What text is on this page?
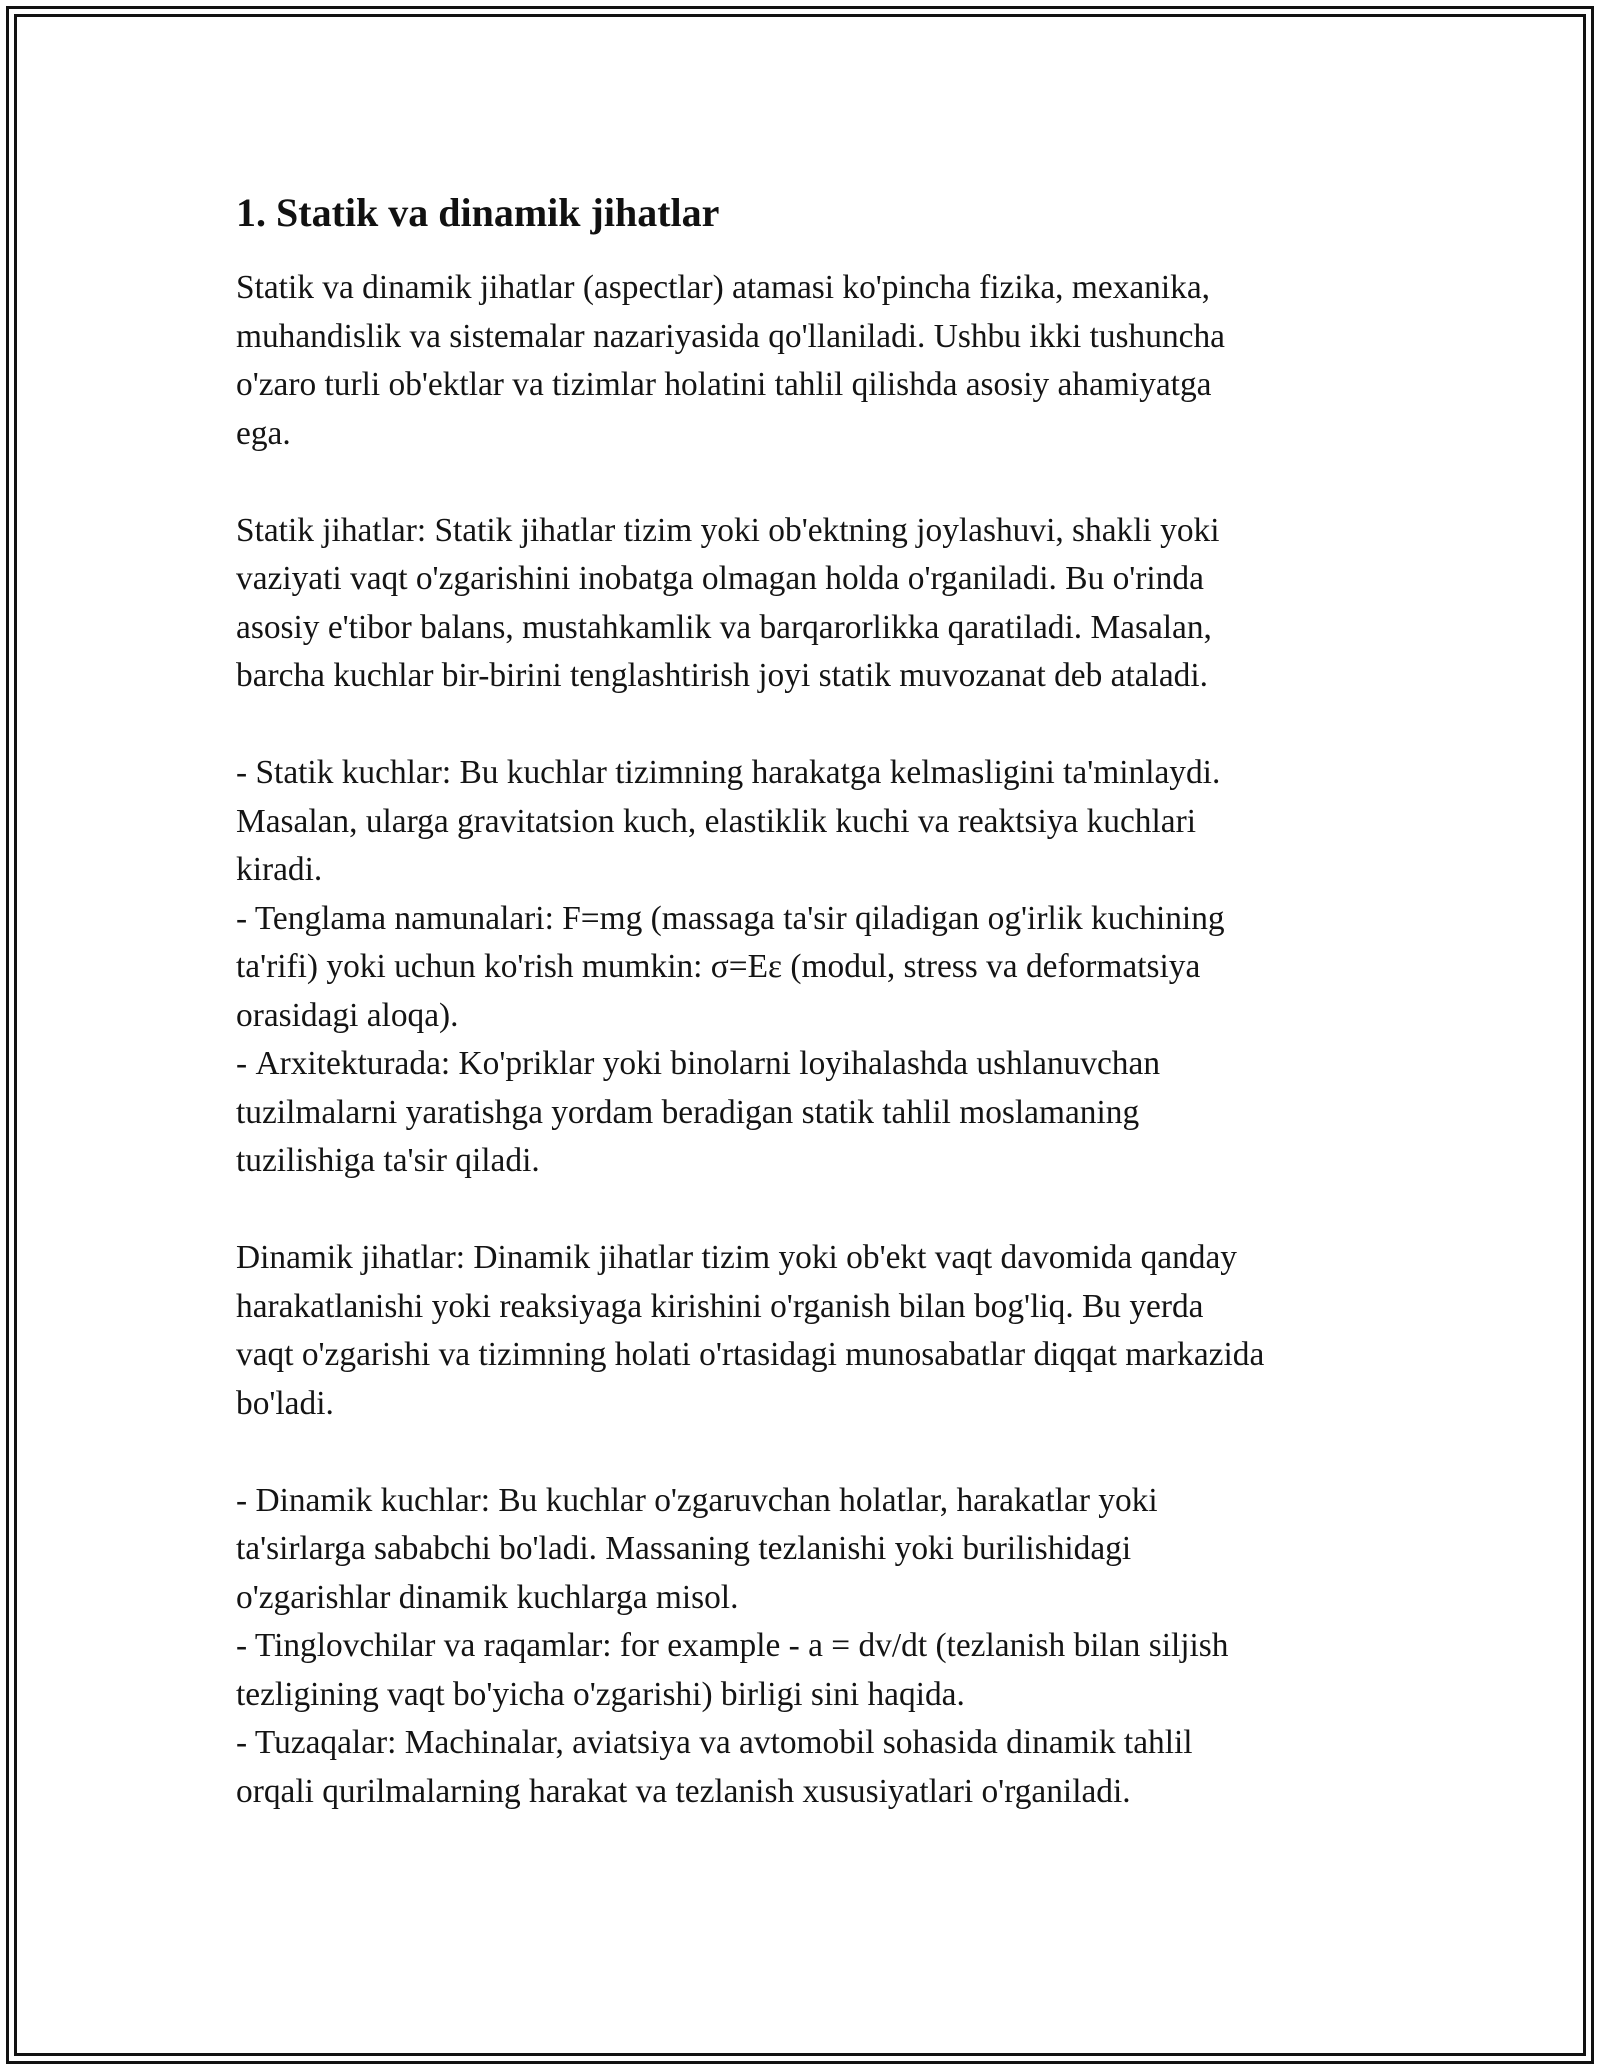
1. Statik va dinamik jihatlar

Statik va dinamik jihatlar (aspectlar) atamasi ko'pincha fizika, mexanika,
muhandislik va sistemalar nazariyasida qo'llaniladi. Ushbu ikki tushuncha
o'zaro turli ob'ektlar va tizimlar holatini tahlil qilishda asosiy ahamiyatga
ega.

Statik jihatlar: Statik jihatlar tizim yoki ob'ektning joylashuvi, shakli yoki
vaziyati vaqt o'zgarishini inobatga olmagan holda o'rganiladi. Bu o'rinda
asosiy e'tibor balans, mustahkamlik va barqarorlikka qaratiladi. Masalan,
barcha kuchlar bir-birini tenglashtirish joyi statik muvozanat deb ataladi.

- Statik kuchlar: Bu kuchlar tizimning harakatga kelmasligini ta'minlaydi.
Masalan, ularga gravitatsion kuch, elastiklik kuchi va reaktsiya kuchlari
kiradi.
- Tenglama namunalari: F=mg (massaga ta'sir qiladigan og'irlik kuchining
ta'rifi) yoki uchun ko'rish mumkin: σ=Eε (modul, stress va deformatsiya
orasidagi aloqa).
- Arxitekturada: Ko'priklar yoki binolarni loyihalashda ushlanuvchan
tuzilmalarni yaratishga yordam beradigan statik tahlil moslamaning
tuzilishiga ta'sir qiladi.

Dinamik jihatlar: Dinamik jihatlar tizim yoki ob'ekt vaqt davomida qanday
harakatlanishi yoki reaksiyaga kirishini o'rganish bilan bog'liq. Bu yerda
vaqt o'zgarishi va tizimning holati o'rtasidagi munosabatlar diqqat markazida
bo'ladi.

- Dinamik kuchlar: Bu kuchlar o'zgaruvchan holatlar, harakatlar yoki
ta'sirlarga sababchi bo'ladi. Massaning tezlanishi yoki burilishidagi
o'zgarishlar dinamik kuchlarga misol.
- Tinglovchilar va raqamlar: for example - a = dv/dt (tezlanish bilan siljish
tezligining vaqt bo'yicha o'zgarishi) birligi sini haqida.
- Tuzaqalar: Machinalar, aviatsiya va avtomobil sohasida dinamik tahlil
orqali qurilmalarning harakat va tezlanish xususiyatlari o'rganiladi.
